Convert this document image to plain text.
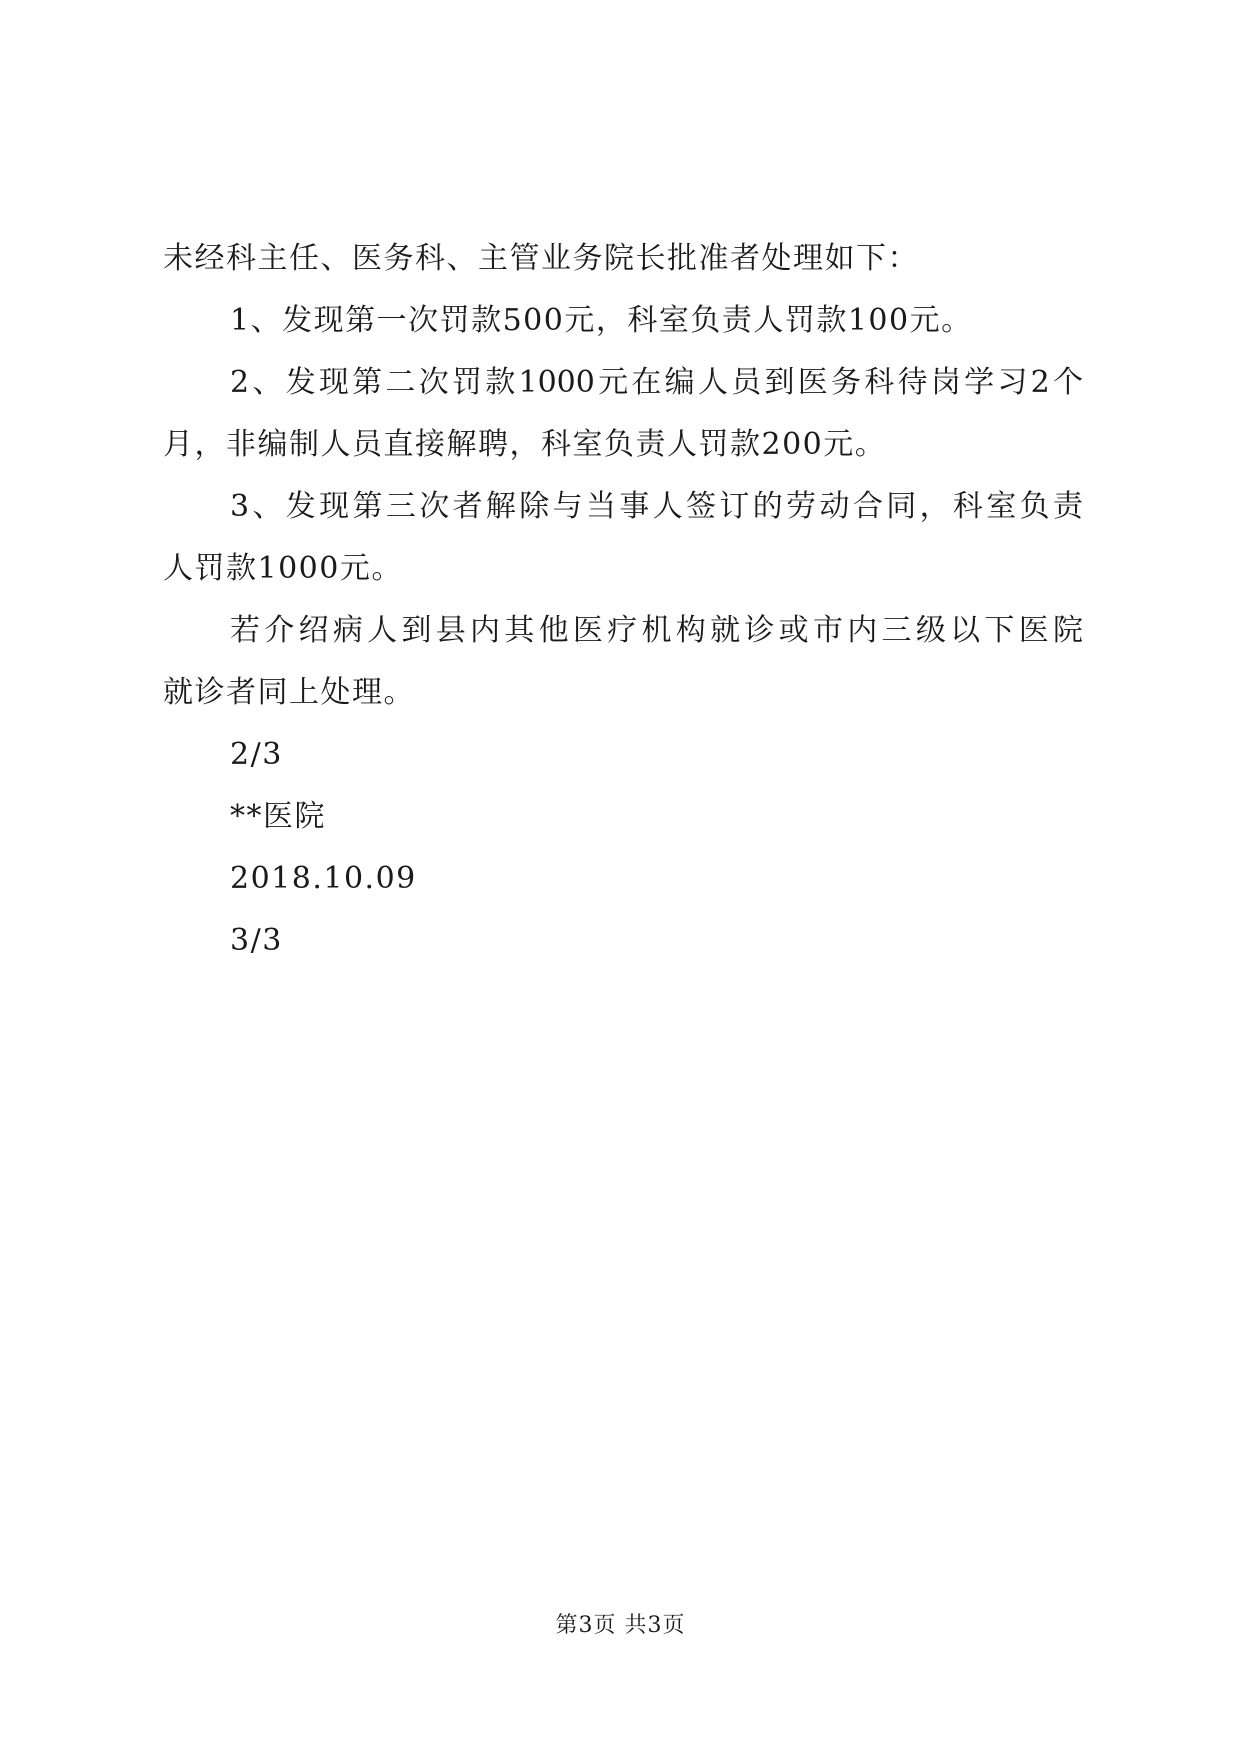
未经科主任、医务科、主管业务院长批准者处理如下：
1、发现第一次罚款500元，科室负责人罚款100元。
2、发现第二次罚款1000元在编人员到医务科待岗学习2个
月，非编制人员直接解聘，科室负责人罚款200元。
3、发现第三次者解除与当事人签订的劳动合同，科室负责
人罚款1000元。
若介绍病人到县内其他医疗机构就诊或市内三级以下医院
就诊者同上处理。
2/3
**医院
2018.10.09
3/3
第3页 共3页
